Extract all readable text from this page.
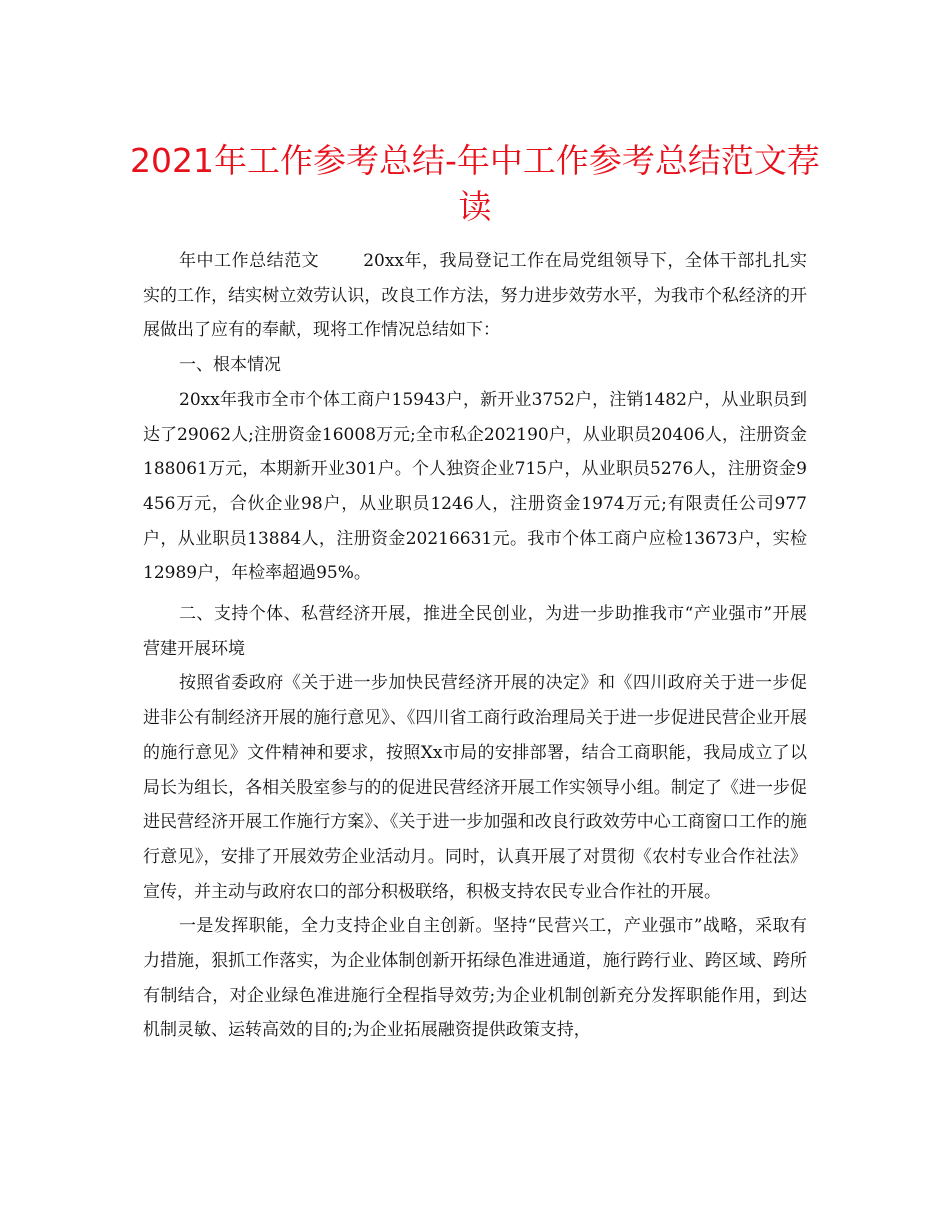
2021年工作参考总结-年中工作参考总结范文荐读

年中工作总结范文	20xx年，我局登记工作在局党组领导下，全体干部扎扎实实的工作，结实树立效劳认识，改良工作方法，努力进步效劳水平，为我市个私经济的开展做出了应有的奉献，现将工作情况总结如下：

一、根本情况

20xx年我市全市个体工商户15943户，新开业3752户，注销1482户，从业职员到达了29062人;注册资金16008万元;全市私企202190户，从业职员20406人，注册资金188061万元，本期新开业301户。个人独资企业715户，从业职员5276人，注册资金9456万元，合伙企业98户，从业职员1246人，注册资金1974万元;有限责任公司977户，从业职员13884人，注册资金20216631元。我市个体工商户应检13673户，实检12989户，年检率超過95%。

二、支持个体、私营经济开展，推进全民创业，为进一步助推我市“产业强市”开展营建开展环境

按照省委政府《关于进一步加快民营经济开展的决定》和《四川政府关于进一步促进非公有制经济开展的施行意见》、《四川省工商行政治理局关于进一步促进民营企业开展的施行意见》文件精神和要求，按照Xx市局的安排部署，结合工商职能，我局成立了以局长为组长，各相关股室参与的的促进民营经济开展工作实领导小组。制定了《进一步促进民营经济开展工作施行方案》、《关于进一步加强和改良行政效劳中心工商窗口工作的施行意见》，安排了开展效劳企业活动月。同时，认真开展了对贯彻《农村专业合作社法》宣传，并主动与政府农口的部分积极联络，积极支持农民专业合作社的开展。

一是发挥职能，全力支持企业自主创新。坚持“民营兴工，产业强市”战略，采取有力措施，狠抓工作落实，为企业体制创新开拓绿色准进通道，施行跨行业、跨区域、跨所有制结合，对企业绿色准进施行全程指导效劳;为企业机制创新充分发挥职能作用，到达机制灵敏、运转高效的目的;为企业拓展融资提供政策支持，
